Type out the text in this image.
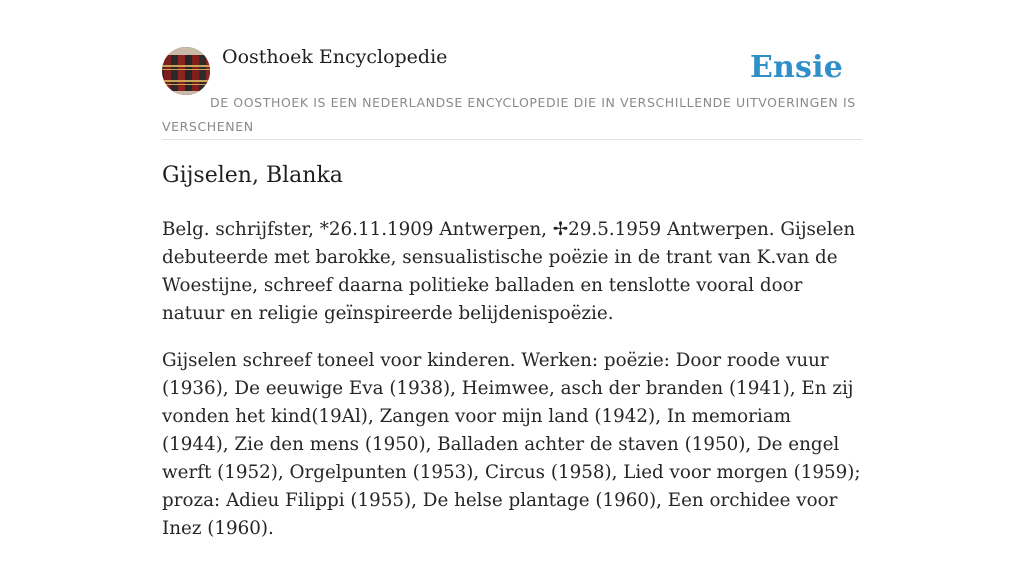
Oosthoek Encyclopedie	Ensie
DE OOSTHOEK IS EEN NEDERLANDSE ENCYCLOPEDIE DIE IN VERSCHILLENDE UITVOERINGEN IS VERSCHENEN
Gijselen, Blanka

Belg. schrijfster, *26.11.1909 Antwerpen, ✢29.5.1959 Antwerpen. Gijselen debuteerde met barokke, sensualistische poëzie in de trant van K.van de Woestijne, schreef daarna politieke balladen en tenslotte vooral door natuur en religie geïnspireerde belijdenispoëzie.

Gijselen schreef toneel voor kinderen. Werken: poëzie: Door roode vuur (1936), De eeuwige Eva (1938), Heimwee, asch der branden (1941), En zij vonden het kind(19Al), Zangen voor mijn land (1942), In memoriam (1944), Zie den mens (1950), Balladen achter de staven (1950), De engel werft (1952), Orgelpunten (1953), Circus (1958), Lied voor morgen (1959); proza: Adieu Filippi (1955), De helse plantage (1960), Een orchidee voor Inez (1960).
